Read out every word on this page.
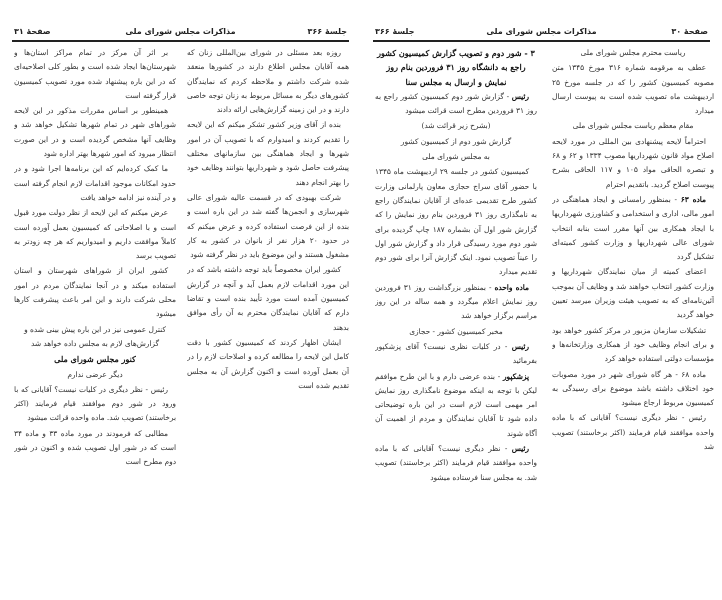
جلسهٔ ۳۶۶
مذاکرات مجلس شورای ملی
صفحهٔ ۳۱

روزه بعد مسئلی در شورای بین‌المللی زنان که همه آقایان مجلس اطلاع دارند در کشورها منعقد شده شرکت داشتم و ملاحظه کردم که نمایندگان کشورهای دیگر به مسائل مربوط به زنان توجه خاصی دارند و در این زمینه گزارش‌هایی ارائه دادند

بنده از آقای وزیر کشور تشکر میکنم که این لایحه را تقدیم کردند و امیدوارم که با تصویب آن در امور شهرها و ایجاد هماهنگی بین سازمانهای مختلف پیشرفت حاصل شود و شهرداریها بتوانند وظایف خود را بهتر انجام دهند

شرکت بهبودی که در قسمت عالیه شورای عالی شهرسازی و انجمن‌ها گفته شد در این باره است و بنده از این فرصت استفاده کرده و عرض میکنم که در حدود ۲۰ هزار نفر از بانوان در کشور به کار مشغول هستند و این موضوع باید در نظر گرفته شود

کشور ایران مخصوصاً باید توجه داشته باشد که در این مورد اقدامات لازم بعمل آید و آنچه در گزارش کمیسیون آمده است مورد تأیید بنده است و تقاضا دارم که آقایان نمایندگان محترم به آن رأی موافق بدهند

ایشان اظهار کردند که کمیسیون کشور با دقت کامل این لایحه را مطالعه کرده و اصلاحات لازم را در آن بعمل آورده است و اکنون گزارش آن به مجلس تقدیم شده است

بر اثر آن مرکز در تمام مراکز استان‌ها و شهرستان‌ها ایجاد شده است و بطور کلی اصلاحیه‌ای که در این باره پیشنهاد شده مورد تصویب کمیسیون قرار گرفته است

همینطور بر اساس مقررات مذکور در این لایحه شوراهای شهر در تمام شهرها تشکیل خواهد شد و وظایف آنها مشخص گردیده است و در این صورت انتظار میرود که امور شهرها بهتر اداره شود

ما کمک کرده‌ایم که این برنامه‌ها اجرا شود و در حدود امکانات موجود اقدامات لازم انجام گرفته است و در آینده نیز ادامه خواهد یافت

عرض میکنم که این لایحه از نظر دولت مورد قبول است و با اصلاحاتی که کمیسیون بعمل آورده است کاملاً موافقت داریم و امیدواریم که هر چه زودتر به تصویب برسد

کشور ایران از شوراهای شهرستان و استان استفاده میکند و در آنجا نمایندگان مردم در امور محلی شرکت دارند و این امر باعث پیشرفت کارها میشود

کنترل عمومی نیز در این باره پیش بینی شده و گزارش‌های لازم به مجلس داده خواهد شد

کنور مجلس شورای ملی

دیگر عرضی ندارم

رئیس - نظر دیگری در کلیات نیست؟ آقایانی که با ورود در شور دوم موافقند قیام فرمایند (اکثر برخاستند) تصویب شد. ماده واحده قرائت میشود

مطالبی که فرمودند در مورد ماده ۳۳ و ماده ۳۴ است که در شور اول تصویب شده و اکنون در شور دوم مطرح است

صفحهٔ ۳۰
مذاکرات مجلس شورای ملی
جلسهٔ ۳۶۶

ریاست محترم مجلس شورای ملی

عطف به مرقومه شماره ۳۱۶ مورخ ۱۳۴۵ متن مصوبه کمیسیون کشور را که در جلسه مورخ ۲۵ اردیبهشت ماه تصویب شده است به پیوست ارسال میدارد

مقام معظم ریاست مجلس شورای ملی

احتراماً لایحه پیشنهادی بین المللی در مورد لایحه اصلاح مواد قانون شهرداریها مصوب ۱۳۳۴ و ۶۲ و ۶۸ و تبصره الحاقی مواد ۱۰۵ و ۱۱۷ الحاقی بشرح پیوست اصلاح گردید. باتقدیم احترام

ماده ۶۳ - بمنظور رامسانی و ایجاد هماهنگی در امور مالی، اداری و استخدامی و کشاورزی شهرداریها با ایجاد همکاری بین آنها مقرر است بنابه انتخاب شورای عالی شهرداریها و وزارت کشور کمیته‌ای تشکیل گردد

اعضای کمیته از میان نمایندگان شهرداریها و وزارت کشور انتخاب خواهند شد و وظایف آن بموجب آئین‌نامه‌ای که به تصویب هیئت وزیران میرسد تعیین خواهد گردید

تشکیلات سازمان مزبور در مرکز کشور خواهد بود و برای انجام وظایف خود از همکاری وزارتخانه‌ها و مؤسسات دولتی استفاده خواهد کرد

ماده ۶۸ - هر گاه شورای شهر در مورد مصوبات خود اختلاف داشته باشد موضوع برای رسیدگی به کمیسیون مربوط ارجاع میشود

رئیس - نظر دیگری نیست؟ آقایانی که با ماده واحده موافقند قیام فرمایند (اکثر برخاستند) تصویب شد

۳ - شور دوم و تصویب گزارش کمیسیون کشور راجع به دانشگاه روز ۳۱ فروردین بنام روز نمایش و ارسال به مجلس سنا

رئیس - گزارش شور دوم کمیسیون کشور راجع به روز ۳۱ فروردین مطرح است قرائت میشود

(بشرح زیر قرائت شد)

گزارش شور دوم از کمیسیون کشور

به مجلس شورای ملی

کمیسیون کشور در جلسه ۲۹ اردیبهشت ماه ۱۳۴۵ با حضور آقای سراج حجازی معاون پارلمانی وزارت کشور طرح تقدیمی عده‌ای از آقایان نمایندگان راجع به نامگذاری روز ۳۱ فروردین بنام روز نمایش را که گزارش شور اول آن بشماره ۱۸۷ چاپ گردیده برای شور دوم مورد رسیدگی قرار داد و گزارش شور اول را عیناً تصویب نمود. اینک گزارش آنرا برای شور دوم تقدیم میدارد

ماده واحده - بمنظور بزرگداشت روز ۳۱ فروردین روز نمایش اعلام میگردد و همه ساله در این روز مراسم برگزار خواهد شد

مخبر کمیسیون کشور - حجازی

رئیس - در کلیات نظری نیست؟ آقای پزشکپور بفرمائید

پزشکپور - بنده عرضی دارم و با این طرح موافقم لیکن با توجه به اینکه موضوع نامگذاری روز نمایش امر مهمی است لازم است در این باره توضیحاتی داده شود تا آقایان نمایندگان و مردم از اهمیت آن آگاه شوند

رئیس - نظر دیگری نیست؟ آقایانی که با ماده واحده موافقند قیام فرمایند (اکثر برخاستند) تصویب شد. به مجلس سنا فرستاده میشود
